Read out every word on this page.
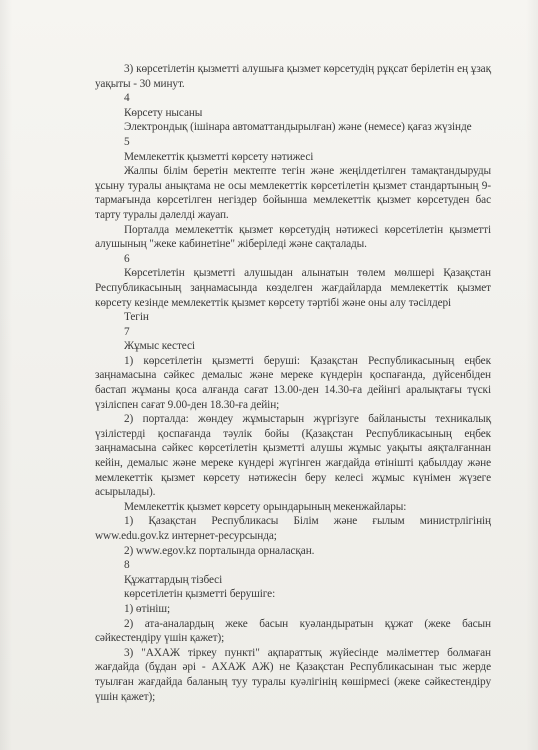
3) көрсетілетін қызметті алушыға қызмет көрсетудің рұқсат берілетін ең ұзақ уақыты - 30 минут.

4

Көрсету нысаны

Электрондық (ішінара автоматтандырылған) және (немесе) қағаз жүзінде

5

Мемлекеттік қызметті көрсету нәтижесі

Жалпы білім беретін мектепте тегін және жеңілдетілген тамақтандыруды ұсыну туралы анықтама не осы мемлекеттік көрсетілетін қызмет стандартының 9-тармағында көрсетілген негіздер бойынша мемлекеттік қызмет көрсетуден бас тарту туралы дәлелді жауап.

Порталда мемлекеттік қызмет көрсетудің нәтижесі көрсетілетін қызметті алушының "жеке кабинетіне" жіберіледі және сақталады.

6

Көрсетілетін қызметті алушыдан алынатын төлем мөлшері Қазақстан Республикасының заңнамасында көзделген жағдайларда мемлекеттік қызмет көрсету кезінде мемлекеттік қызмет көрсету тәртібі және оны алу тәсілдері

Тегін

7

Жұмыс кестесі

1) көрсетілетін қызметті беруші: Қазақстан Республикасының еңбек заңнамасына сәйкес демалыс және мереке күндерін қоспағанда, дүйсенбіден бастап жұманы қоса алғанда сағат 13.00-ден 14.30-ға дейінгі аралықтағы түскі үзіліспен сағат 9.00-ден 18.30-ға дейін;

2) порталда: жөндеу жұмыстарын жүргізуге байланысты техникалық үзілістерді қоспағанда тәулік бойы (Қазақстан Республикасының еңбек заңнамасына сәйкес көрсетілетін қызметті алушы жұмыс уақыты аяқталғаннан кейін, демалыс және мереке күндері жүгінген жағдайда өтінішті қабылдау және мемлекеттік қызмет көрсету нәтижесін беру келесі жұмыс күнімен жүзеге асырылады).

Мемлекеттік қызмет көрсету орындарының мекенжайлары:

1) Қазақстан Республикасы Білім және ғылым министрлігінің www.edu.gov.kz интернет-ресурсында;

2) www.egov.kz порталында орналасқан.

8

Құжаттардың тізбесі

көрсетілетін қызметті берушіге:

1) өтініш;

2) ата-аналардың жеке басын куәландыратын құжат (жеке басын сәйкестендіру үшін қажет);

3) "АХАЖ тіркеу пункті" ақпараттық жүйесінде мәліметтер болмаған жағдайда (бұдан әрі - АХАЖ АЖ) не Қазақстан Республикасынан тыс жерде туылған жағдайда баланың туу туралы куәлігінің көшірмесі (жеке сәйкестендіру үшін қажет);
